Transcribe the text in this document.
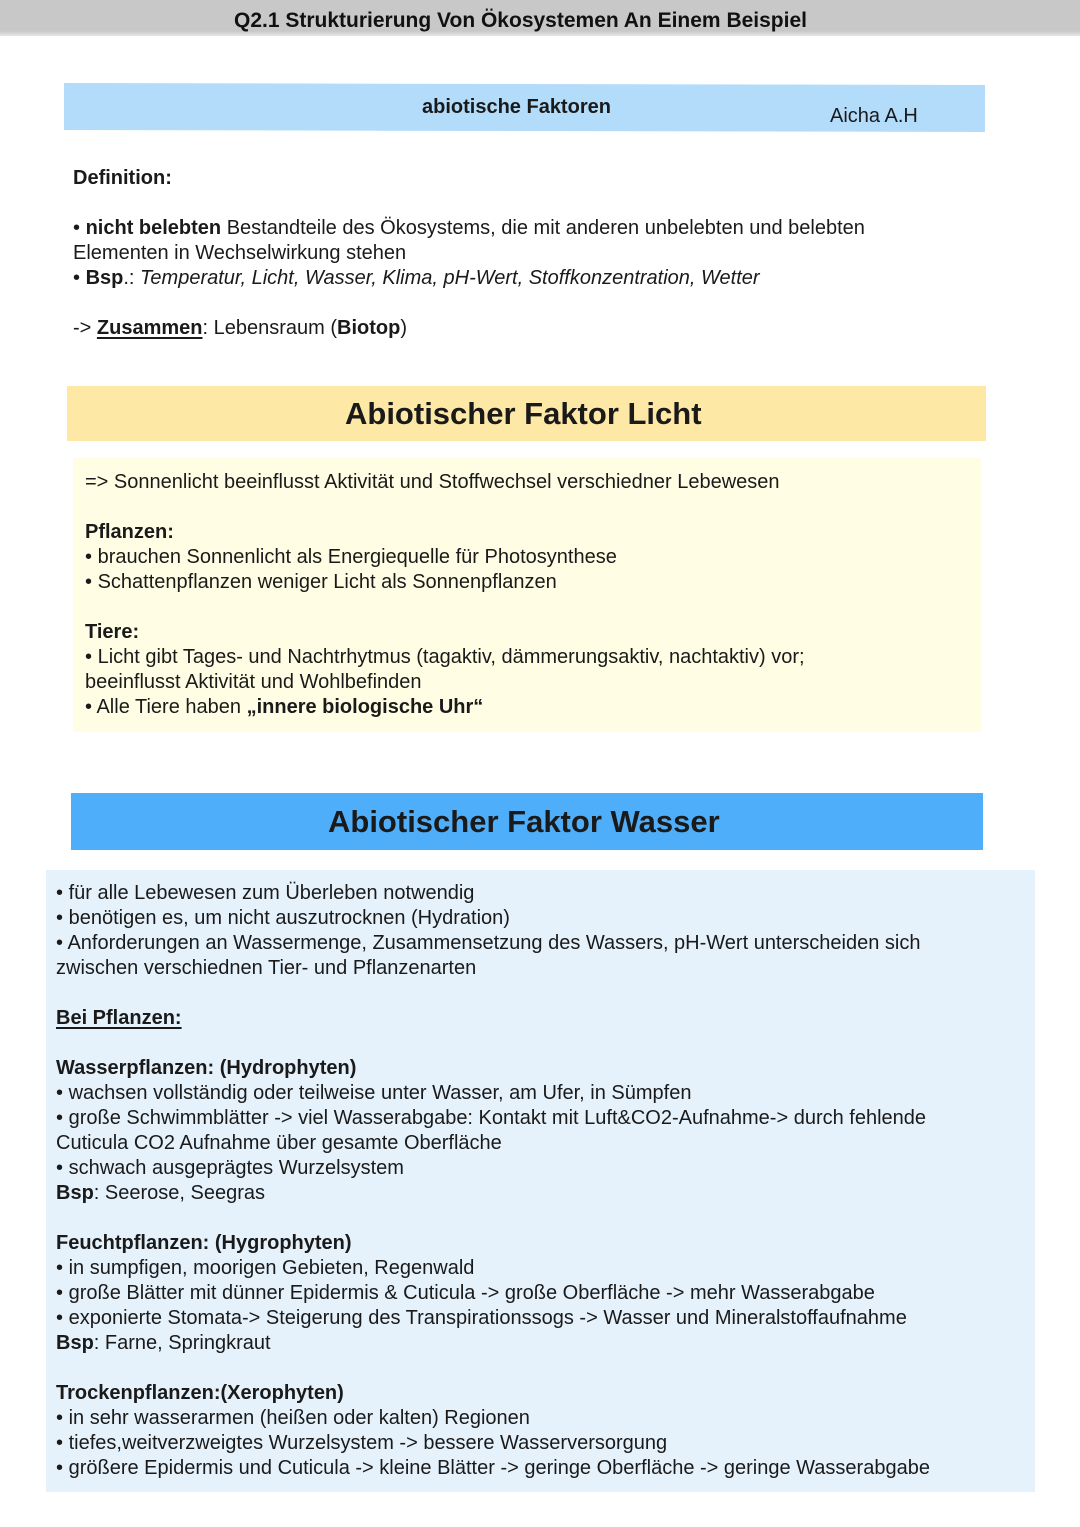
Q2.1 Strukturierung Von Ökosystemen An Einem Beispiel
abiotische Faktoren	Aicha A.H
Definition:
• nicht belebten Bestandteile des Ökosystems, die mit anderen unbelebten und belebten
Elementen in Wechselwirkung stehen
• Bsp.: Temperatur, Licht, Wasser, Klima, pH-Wert, Stoffkonzentration, Wetter
-> Zusammen: Lebensraum (Biotop)
Abiotischer Faktor Licht
=> Sonnenlicht beeinflusst Aktivität und Stoffwechsel verschiedner Lebewesen
Pflanzen:
• brauchen Sonnenlicht als Energiequelle für Photosynthese
• Schattenpflanzen weniger Licht als Sonnenpflanzen
Tiere:
• Licht gibt Tages- und Nachtrhytmus (tagaktiv, dämmerungsaktiv, nachtaktiv) vor;
beeinflusst Aktivität und Wohlbefinden
• Alle Tiere haben „innere biologische Uhr“
Abiotischer Faktor Wasser
• für alle Lebewesen zum Überleben notwendig
• benötigen es, um nicht auszutrocknen (Hydration)
• Anforderungen an Wassermenge, Zusammensetzung des Wassers, pH-Wert unterscheiden sich
zwischen verschiednen Tier- und Pflanzenarten
Bei Pflanzen:
Wasserpflanzen: (Hydrophyten)
• wachsen vollständig oder teilweise unter Wasser, am Ufer, in Sümpfen
• große Schwimmblätter -> viel Wasserabgabe: Kontakt mit Luft&CO2-Aufnahme-> durch fehlende
Cuticula CO2 Aufnahme über gesamte Oberfläche
• schwach ausgeprägtes Wurzelsystem
Bsp: Seerose, Seegras
Feuchtpflanzen: (Hygrophyten)
• in sumpfigen, moorigen Gebieten, Regenwald
• große Blätter mit dünner Epidermis & Cuticula -> große Oberfläche -> mehr Wasserabgabe
• exponierte Stomata-> Steigerung des Transpirationssogs -> Wasser und Mineralstoffaufnahme
Bsp: Farne, Springkraut
Trockenpflanzen:(Xerophyten)
• in sehr wasserarmen (heißen oder kalten) Regionen
• tiefes,weitverzweigtes Wurzelsystem -> bessere Wasserversorgung
• größere Epidermis und Cuticula -> kleine Blätter -> geringe Oberfläche -> geringe Wasserabgabe
